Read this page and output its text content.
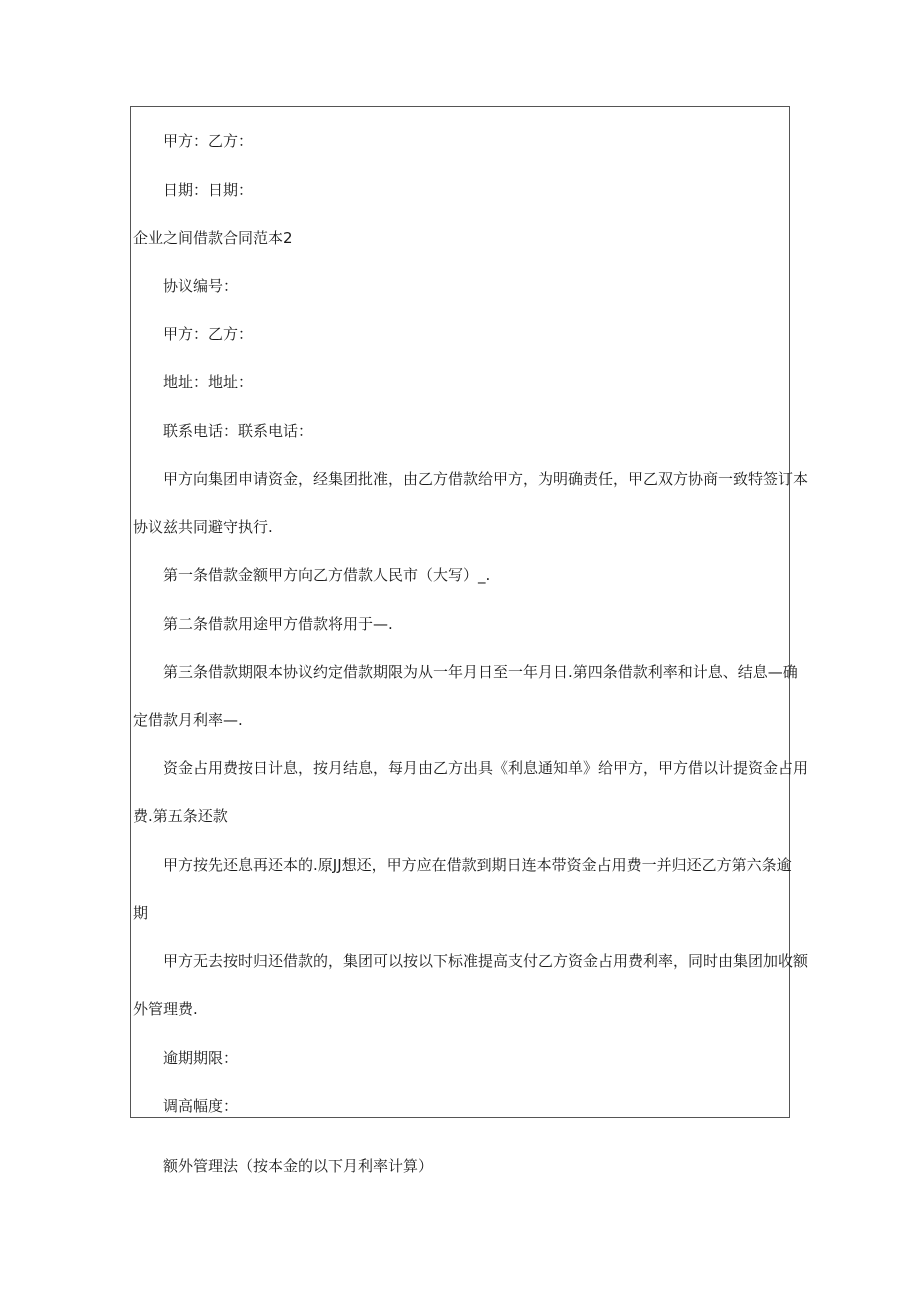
甲方：乙方：

日期：日期：

企业之间借款合同范本2

协议编号：

甲方：乙方：

地址：地址：

联系电话：联系电话：

甲方向集团申请资金，经集团批准，由乙方借款给甲方，为明确责任，甲乙双方协商一致特签订本

协议兹共同避守执行.

第一条借款金额甲方向乙方借款人民市（大写）_.

第二条借款用途甲方借款将用于—.

第三条借款期限本协议约定借款期限为从一年月日至一年月日.第四条借款利率和计息、结息—确

定借款月利率—.

资金占用费按日计息，按月结息，每月由乙方出具《利息通知单》给甲方，甲方借以计提资金占用

费.第五条还款

甲方按先还息再还本的.原JJ想还，甲方应在借款到期日连本带资金占用费一并归还乙方第六条逾

期

甲方无去按时归还借款的，集团可以按以下标准提高支付乙方资金占用费利率，同时由集团加收额

外管理费.

逾期期限：

调高幅度：

额外管理法（按本金的以下月利率计算）
